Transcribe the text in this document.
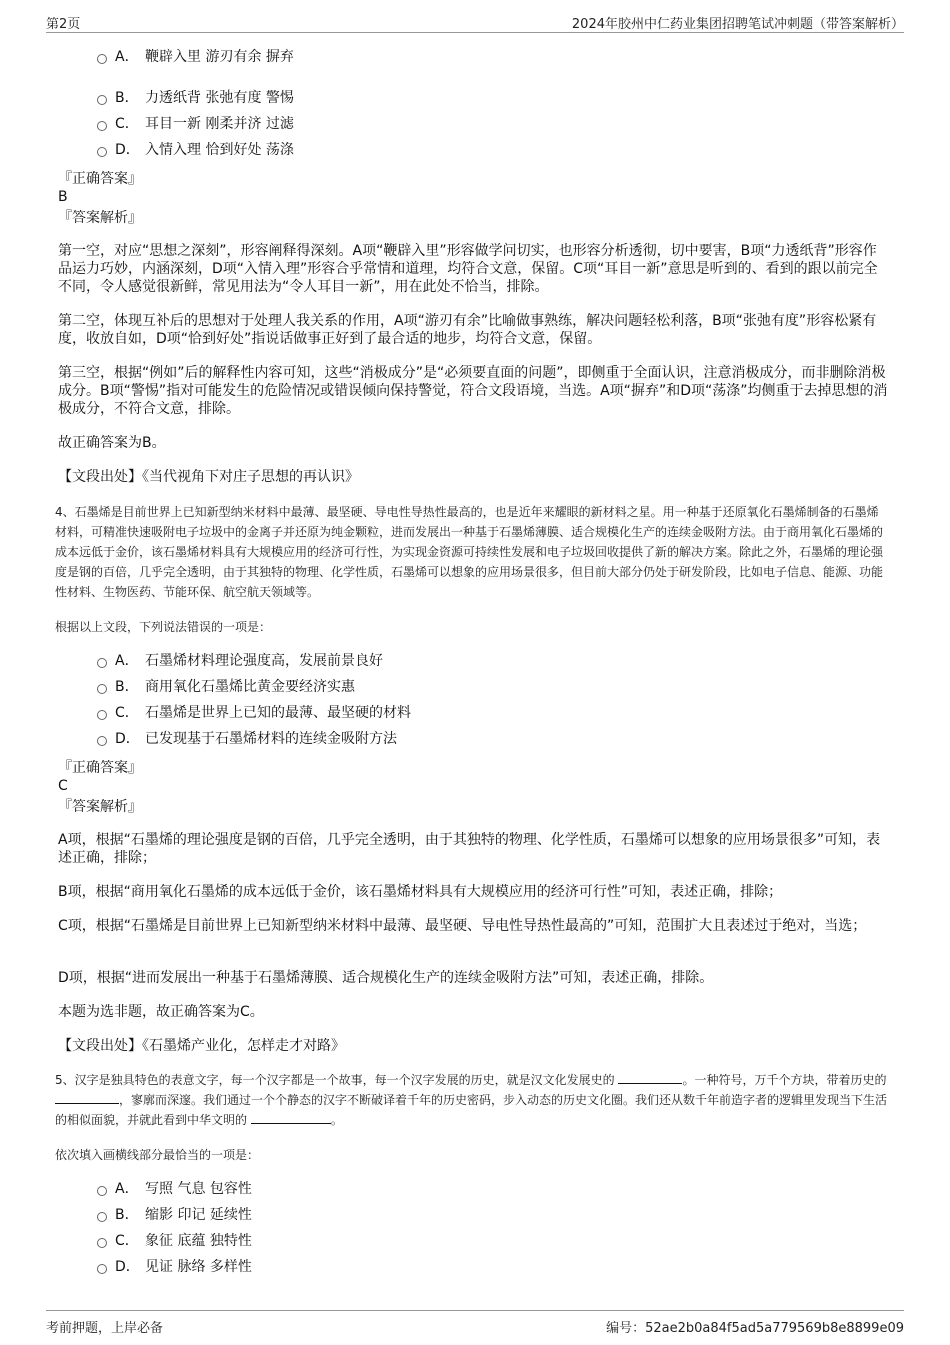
第2页	2024年胶州中仁药业集团招聘笔试冲刺题（带答案解析）
A． 鞭辟入里 游刃有余 摒弃
B． 力透纸背 张弛有度 警惕
C． 耳目一新 刚柔并济 过滤
D． 入情入理 恰到好处 荡涤
『正确答案』
B
『答案解析』
第一空，对应“思想之深刻”，形容阐释得深刻。A项“鞭辟入里”形容做学问切实，也形容分析透彻，切中要害，B项“力透纸背”形容作品运力巧妙，内涵深刻，D项“入情入理”形容合乎常情和道理，均符合文意，保留。C项“耳目一新”意思是听到的、看到的跟以前完全不同，令人感觉很新鲜，常见用法为“令人耳目一新”，用在此处不恰当，排除。
第二空，体现互补后的思想对于处理人我关系的作用，A项“游刃有余”比喻做事熟练，解决问题轻松利落，B项“张弛有度”形容松紧有度，收放自如，D项“恰到好处”指说话做事正好到了最合适的地步，均符合文意，保留。
第三空，根据“例如”后的解释性内容可知，这些“消极成分”是“必须要直面的问题”，即侧重于全面认识，注意消极成分，而非删除消极成分。B项“警惕”指对可能发生的危险情况或错误倾向保持警觉，符合文段语境，当选。A项“摒弃”和D项“荡涤”均侧重于去掉思想的消极成分，不符合文意，排除。
故正确答案为B。
【文段出处】《当代视角下对庄子思想的再认识》
4、石墨烯是目前世界上已知新型纳米材料中最薄、最坚硬、导电性导热性最高的，也是近年来耀眼的新材料之星。用一种基于还原氧化石墨烯制备的石墨烯材料，可精准快速吸附电子垃圾中的金离子并还原为纯金颗粒，进而发展出一种基于石墨烯薄膜、适合规模化生产的连续金吸附方法。由于商用氧化石墨烯的成本远低于金价，该石墨烯材料具有大规模应用的经济可行性，为实现金资源可持续性发展和电子垃圾回收提供了新的解决方案。除此之外，石墨烯的理论强度是钢的百倍，几乎完全透明，由于其独特的物理、化学性质，石墨烯可以想象的应用场景很多，但目前大部分仍处于研发阶段，比如电子信息、能源、功能性材料、生物医药、节能环保、航空航天领域等。
根据以上文段，下列说法错误的一项是：
A． 石墨烯材料理论强度高，发展前景良好
B． 商用氧化石墨烯比黄金要经济实惠
C． 石墨烯是世界上已知的最薄、最坚硬的材料
D． 已发现基于石墨烯材料的连续金吸附方法
『正确答案』
C
『答案解析』
A项，根据“石墨烯的理论强度是钢的百倍，几乎完全透明，由于其独特的物理、化学性质，石墨烯可以想象的应用场景很多”可知，表述正确，排除；
B项，根据“商用氧化石墨烯的成本远低于金价，该石墨烯材料具有大规模应用的经济可行性”可知，表述正确，排除；
C项，根据“石墨烯是目前世界上已知新型纳米材料中最薄、最坚硬、导电性导热性最高的”可知，范围扩大且表述过于绝对，当选；
D项，根据“进而发展出一种基于石墨烯薄膜、适合规模化生产的连续金吸附方法”可知，表述正确，排除。
本题为选非题，故正确答案为C。
【文段出处】《石墨烯产业化，怎样走才对路》
5、汉字是独具特色的表意文字，每一个汉字都是一个故事，每一个汉字发展的历史，就是汉文化发展史的	。一种符号，万千个方块，带着历史的 ，寥廓而深邃。我们通过一个个静态的汉字不断破译着千年的历史密码，步入动态的历史文化圈。我们还从数千年前造字者的逻辑里发现当下生活的相似面貌，并就此看到中华文明的	。
依次填入画横线部分最恰当的一项是：
A． 写照 气息 包容性
B． 缩影 印记 延续性
C． 象征 底蕴 独特性
D． 见证 脉络 多样性
考前押题，上岸必备	编号：52ae2b0a84f5ad5a779569b8e8899e09
